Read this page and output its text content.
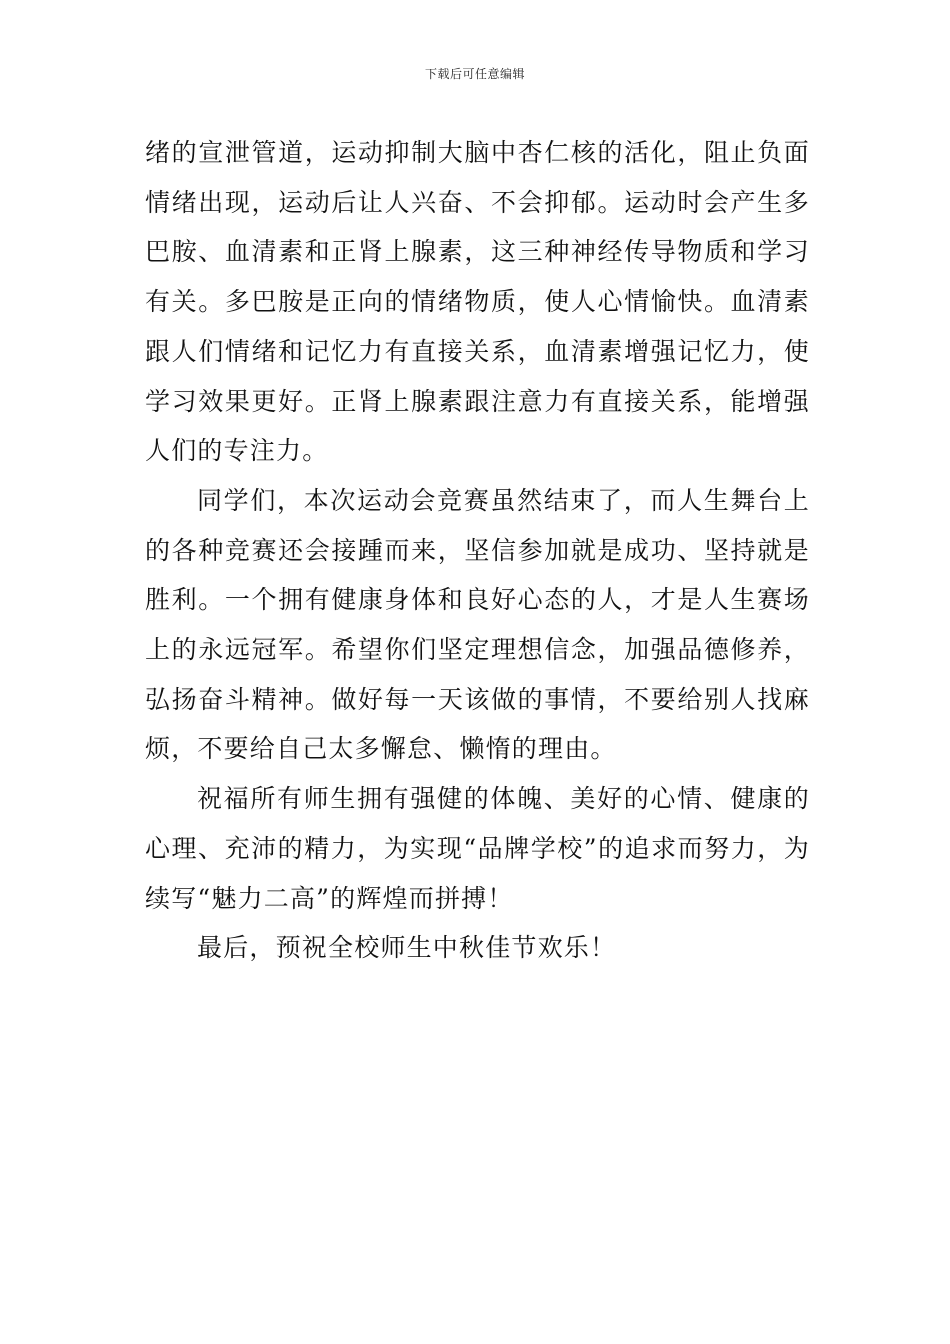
下载后可任意编辑

绪的宣泄管道，运动抑制大脑中杏仁核的活化，阻止负面情绪出现，运动后让人兴奋、不会抑郁。运动时会产生多巴胺、血清素和正肾上腺素，这三种神经传导物质和学习有关。多巴胺是正向的情绪物质，使人心情愉快。血清素跟人们情绪和记忆力有直接关系，血清素增强记忆力，使学习效果更好。正肾上腺素跟注意力有直接关系，能增强人们的专注力。

同学们，本次运动会竞赛虽然结束了，而人生舞台上的各种竞赛还会接踵而来，坚信参加就是成功、坚持就是胜利。一个拥有健康身体和良好心态的人，才是人生赛场上的永远冠军。希望你们坚定理想信念，加强品德修养，弘扬奋斗精神。做好每一天该做的事情，不要给别人找麻烦，不要给自己太多懈怠、懒惰的理由。

祝福所有师生拥有强健的体魄、美好的心情、健康的心理、充沛的精力，为实现“品牌学校”的追求而努力，为续写“魅力二高”的辉煌而拼搏！

最后，预祝全校师生中秋佳节欢乐！
